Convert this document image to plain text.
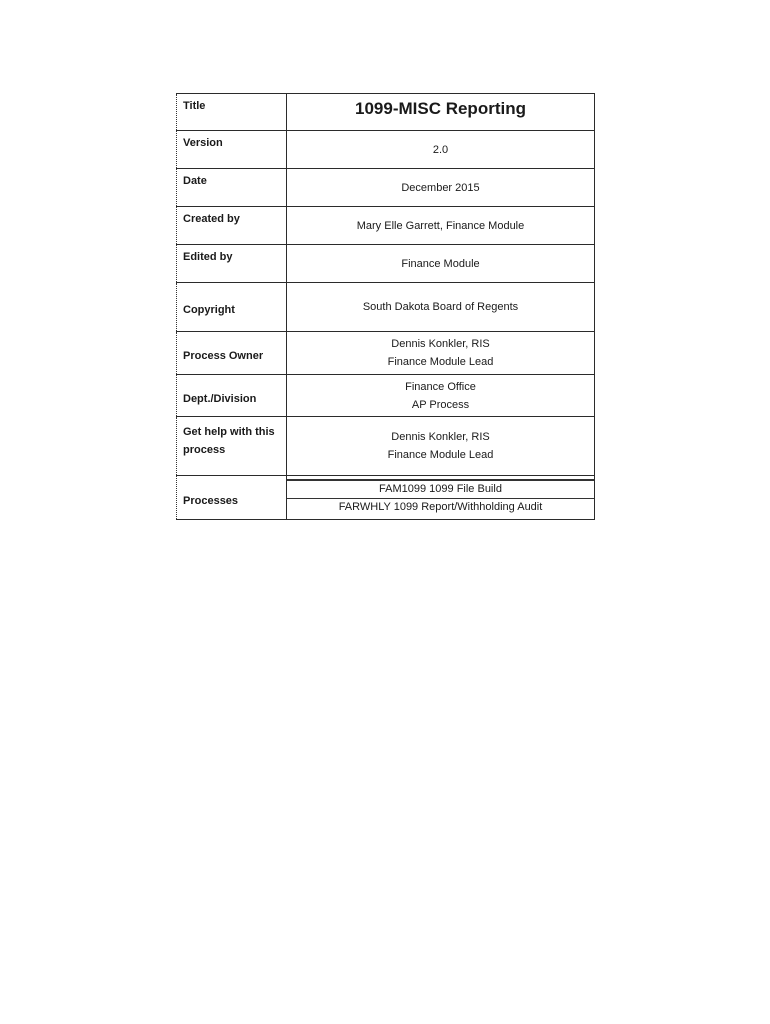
Title	1099-MISC Reporting

Version	2.0
Date	December 2015
Created by	Mary Elle Garrett, Finance Module
Edited by	Finance Module
Copyright	South Dakota Board of Regents
Process Owner	Dennis Konkler, RIS
Finance Module Lead

Dept./Division	Finance Office
AP Process

Get help with this process	Dennis Konkler, RIS
Finance Module Lead

Processes	FAM1099 1099 File Build
FARWHLY 1099 Report/Withholding Audit
